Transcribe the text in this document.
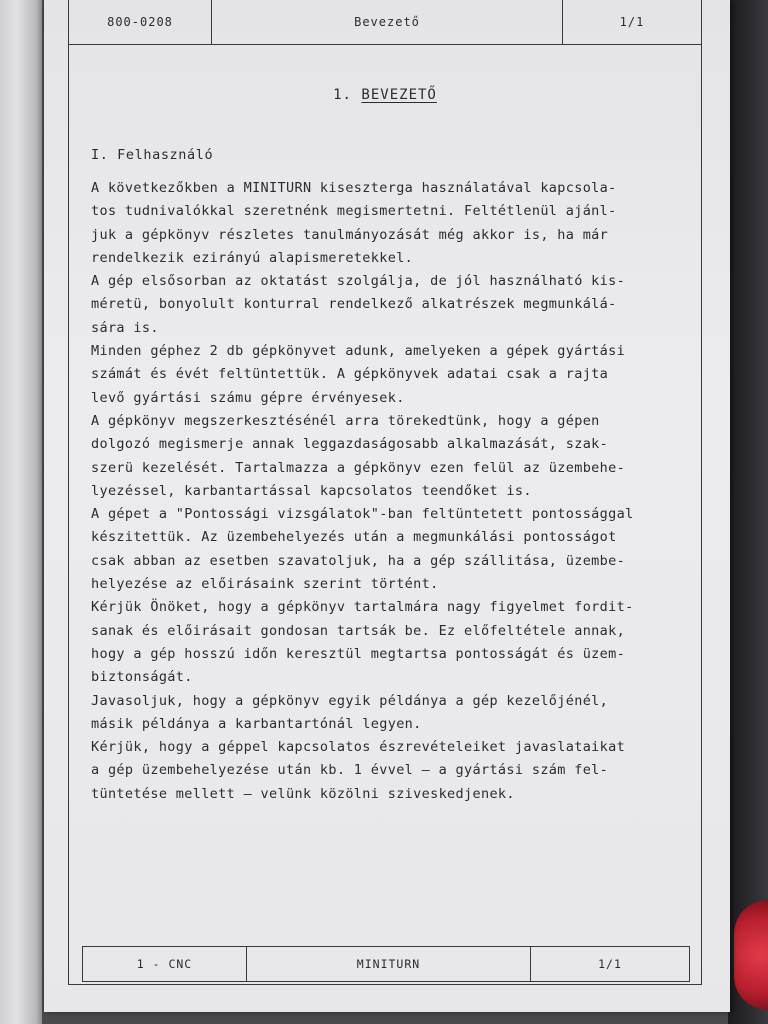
800-0208	Bevezető	1/1
1. BEVEZETŐ
I. Felhasználó
A következőkben a MINITURN kiseszterga használatával kapcsola-
tos tudnivalókkal szeretnénk megismertetni. Feltétlenül ajánl-
juk a gépkönyv részletes tanulmányozását még akkor is, ha már
rendelkezik ezirányú alapismeretekkel.
A gép elsősorban az oktatást szolgálja, de jól használható kis-
méretü, bonyolult konturral rendelkező alkatrészek megmunkálá-
sára is.
Minden géphez 2 db gépkönyvet adunk, amelyeken a gépek gyártási
számát és évét feltüntettük. A gépkönyvek adatai csak a rajta
levő gyártási számu gépre érvényesek.
A gépkönyv megszerkesztésénél arra törekedtünk, hogy a gépen
dolgozó megismerje annak leggazdaságosabb alkalmazását, szak-
szerü kezelését. Tartalmazza a gépkönyv ezen felül az üzembehe-
lyezéssel, karbantartással kapcsolatos teendőket is.
A gépet a "Pontossági vizsgálatok"-ban feltüntetett pontossággal
készitettük. Az üzembehelyezés után a megmunkálási pontosságot
csak abban az esetben szavatoljuk, ha a gép szállitása, üzembe-
helyezése az előirásaink szerint történt.
Kérjük Önöket, hogy a gépkönyv tartalmára nagy figyelmet fordit-
sanak és előirásait gondosan tartsák be. Ez előfeltétele annak,
hogy a gép hosszú időn keresztül megtartsa pontosságát és üzem-
biztonságát.
Javasoljuk, hogy a gépkönyv egyik példánya a gép kezelőjénél,
másik példánya a karbantartónál legyen.
Kérjük, hogy a géppel kapcsolatos észrevételeiket javaslataikat
a gép üzembehelyezése után kb. 1 évvel — a gyártási szám fel-
tüntetése mellett — velünk közölni sziveskedjenek.
1 - CNC	MINITURN	1/1
